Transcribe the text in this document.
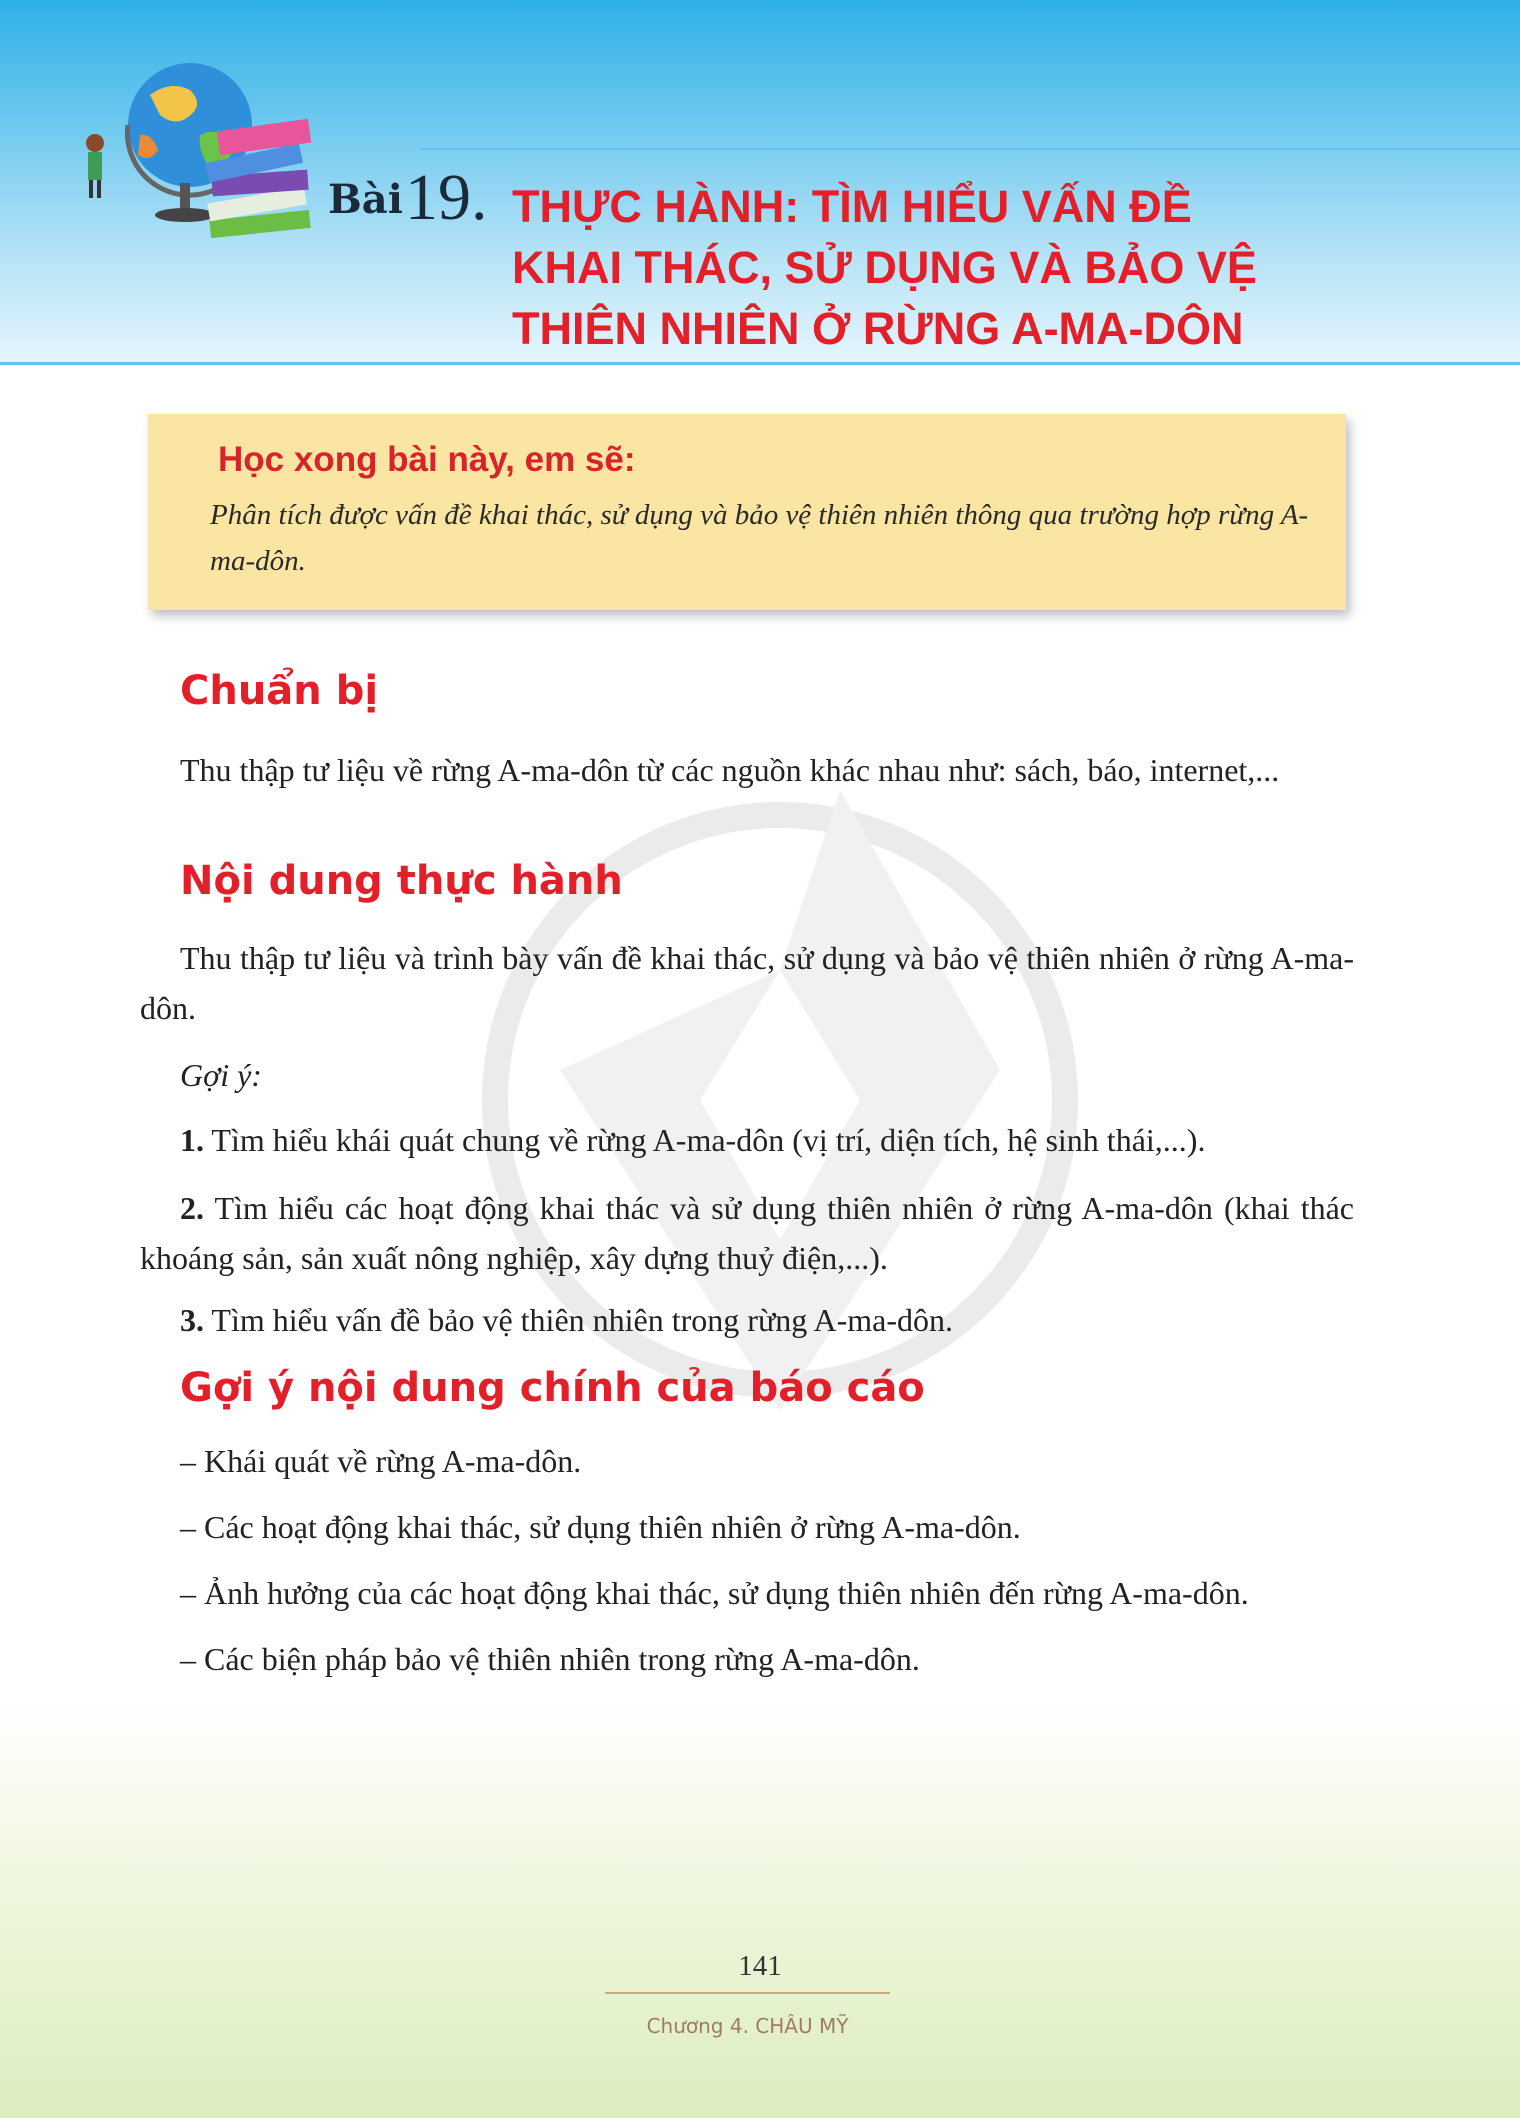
Bài 19. THỰC HÀNH: TÌM HIỂU VẤN ĐỀ
KHAI THÁC, SỬ DỤNG VÀ BẢO VỆ
THIÊN NHIÊN Ở RỪNG A-MA-DÔN
Học xong bài này, em sẽ:
Phân tích được vấn đề khai thác, sử dụng và bảo vệ thiên nhiên thông qua trường hợp rừng A-ma-dôn.
Chuẩn bị
Thu thập tư liệu về rừng A-ma-dôn từ các nguồn khác nhau như: sách, báo, internet,...
Nội dung thực hành
Thu thập tư liệu và trình bày vấn đề khai thác, sử dụng và bảo vệ thiên nhiên ở rừng A-ma-dôn.
Gợi ý:
1. Tìm hiểu khái quát chung về rừng A-ma-dôn (vị trí, diện tích, hệ sinh thái,...).
2. Tìm hiểu các hoạt động khai thác và sử dụng thiên nhiên ở rừng A-ma-dôn (khai thác khoáng sản, sản xuất nông nghiệp, xây dựng thuỷ điện,...).
3. Tìm hiểu vấn đề bảo vệ thiên nhiên trong rừng A-ma-dôn.
Gợi ý nội dung chính của báo cáo
– Khái quát về rừng A-ma-dôn.
– Các hoạt động khai thác, sử dụng thiên nhiên ở rừng A-ma-dôn.
– Ảnh hưởng của các hoạt động khai thác, sử dụng thiên nhiên đến rừng A-ma-dôn.
– Các biện pháp bảo vệ thiên nhiên trong rừng A-ma-dôn.
141
Chương 4. CHÂU MỸ
